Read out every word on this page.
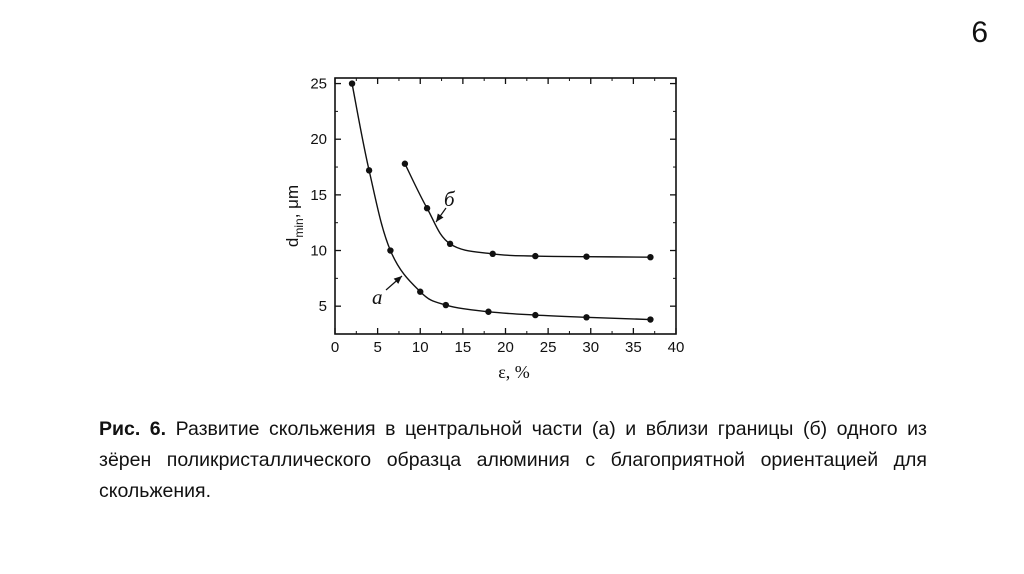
6
0 5 10 15 20 25 30 35 40
5
10
15
20
25
ε, %
$d_{min}$, μm
а
б
Рис. 6. Развитие скольжения в центральной части (а) и вблизи границы (б) одного из зёрен поликристаллического образца алюминия с благоприятной ориентацией для скольжения.
